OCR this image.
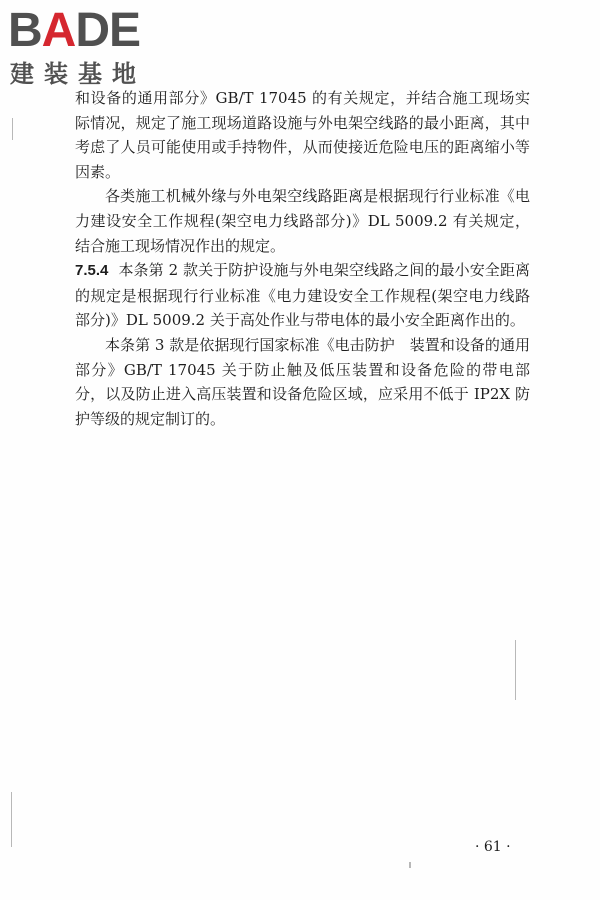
BADE
建装基地

和设备的通用部分》GB/T 17045 的有关规定，并结合施工现场实际情况，规定了施工现场道路设施与外电架空线路的最小距离，其中考虑了人员可能使用或手持物件，从而使接近危险电压的距离缩小等因素。

各类施工机械外缘与外电架空线路距离是根据现行行业标准《电力建设安全工作规程(架空电力线路部分)》DL 5009.2 有关规定，结合施工现场情况作出的规定。

7.5.4 本条第 2 款关于防护设施与外电架空线路之间的最小安全距离的规定是根据现行行业标准《电力建设安全工作规程(架空电力线路部分)》DL 5009.2 关于高处作业与带电体的最小安全距离作出的。

本条第 3 款是依据现行国家标准《电击防护　装置和设备的通用部分》GB/T 17045 关于防止触及低压装置和设备危险的带电部分，以及防止进入高压装置和设备危险区域，应采用不低于 IP2X 防护等级的规定制订的。

· 61 ·
